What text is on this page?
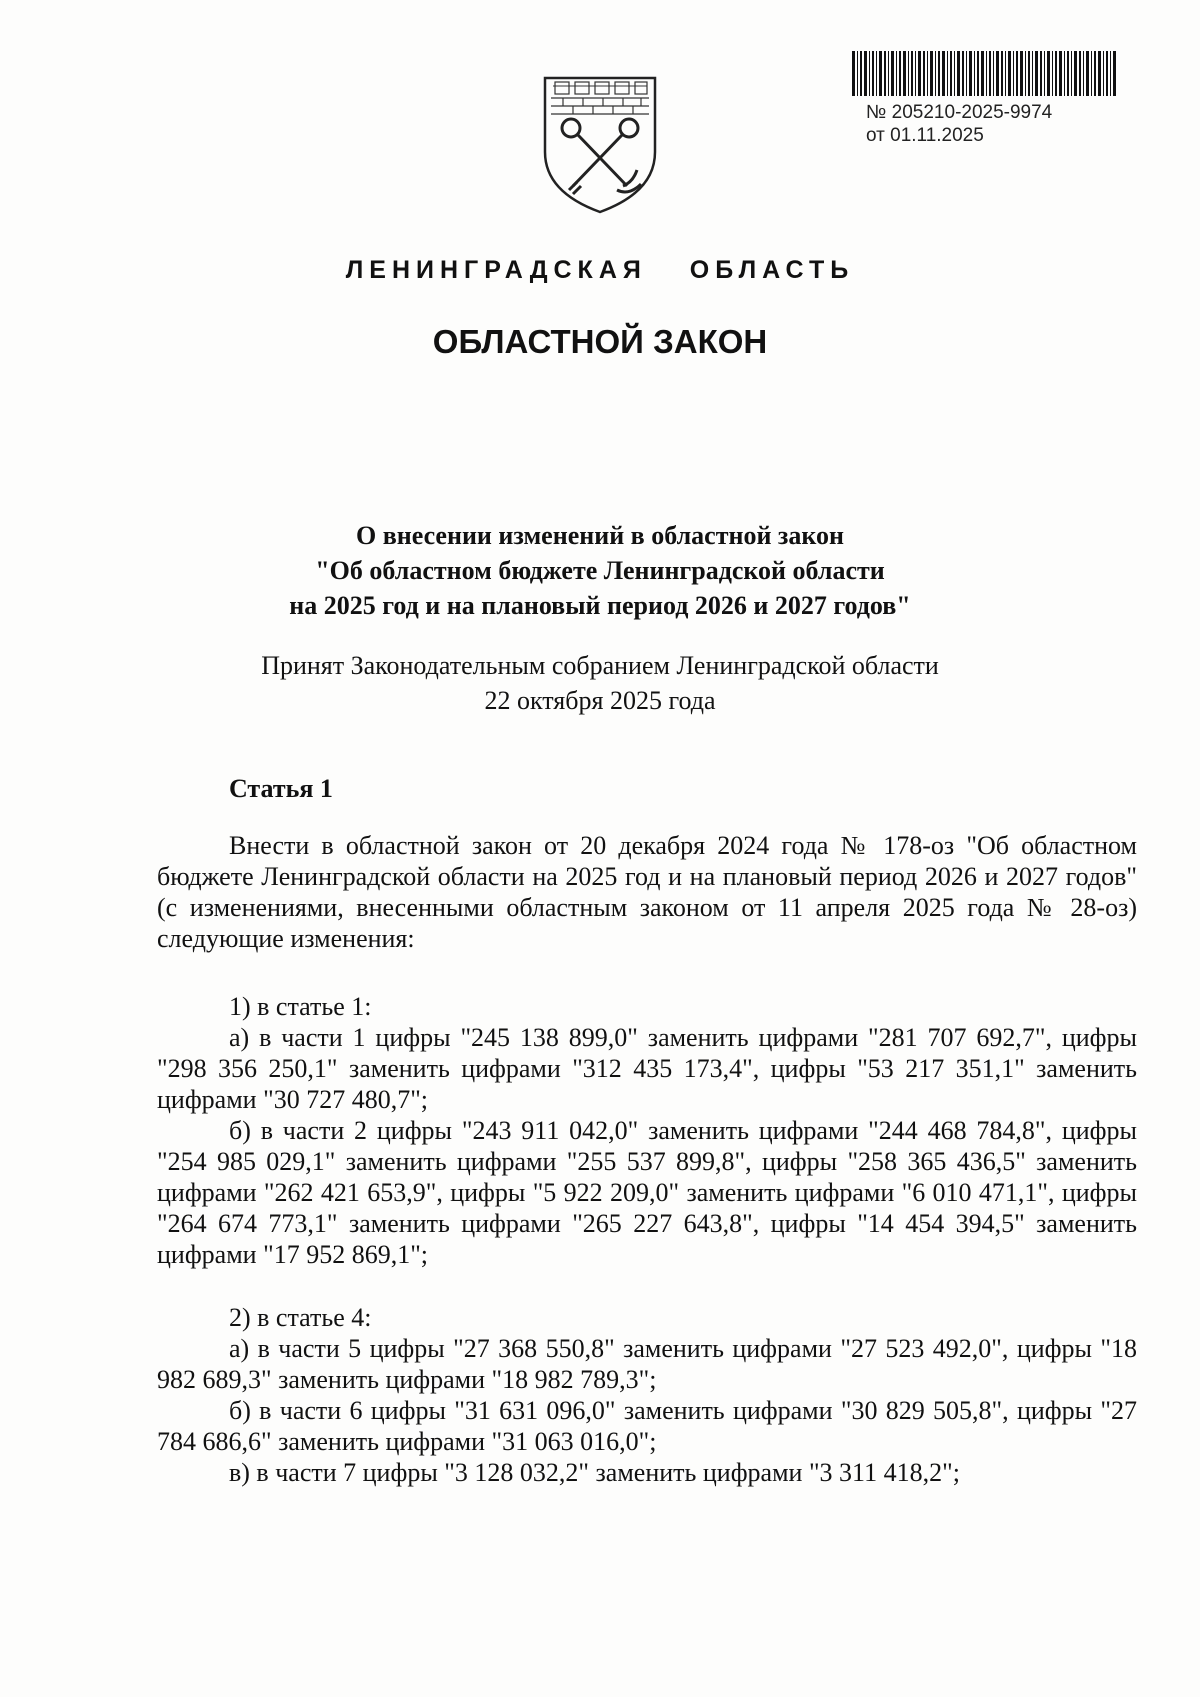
№ 205210-2025-9974
от 01.11.2025
ЛЕНИНГРАДСКАЯ ОБЛАСТЬ
ОБЛАСТНОЙ ЗАКОН
О внесении изменений в областной закон
"Об областном бюджете Ленинградской области
на 2025 год и на плановый период 2026 и 2027 годов"
Принят Законодательным собранием Ленинградской области
22 октября 2025 года
Статья 1

Внести в областной закон от 20 декабря 2024 года № 178-оз "Об областном бюджете Ленинградской области на 2025 год и на плановый период 2026 и 2027 годов" (с изменениями, внесенными областным законом от 11 апреля 2025 года № 28-оз) следующие изменения:

1) в статье 1:

а) в части 1 цифры "245 138 899,0" заменить цифрами "281 707 692,7", цифры "298 356 250,1" заменить цифрами "312 435 173,4", цифры "53 217 351,1" заменить цифрами "30 727 480,7";

б) в части 2 цифры "243 911 042,0" заменить цифрами "244 468 784,8", цифры "254 985 029,1" заменить цифрами "255 537 899,8", цифры "258 365 436,5" заменить цифрами "262 421 653,9", цифры "5 922 209,0" заменить цифрами "6 010 471,1", цифры "264 674 773,1" заменить цифрами "265 227 643,8", цифры "14 454 394,5" заменить цифрами "17 952 869,1";

2) в статье 4:

а) в части 5 цифры "27 368 550,8" заменить цифрами "27 523 492,0", цифры "18 982 689,3" заменить цифрами "18 982 789,3";

б) в части 6 цифры "31 631 096,0" заменить цифрами "30 829 505,8", цифры "27 784 686,6" заменить цифрами "31 063 016,0";

в) в части 7 цифры "3 128 032,2" заменить цифрами "3 311 418,2";
